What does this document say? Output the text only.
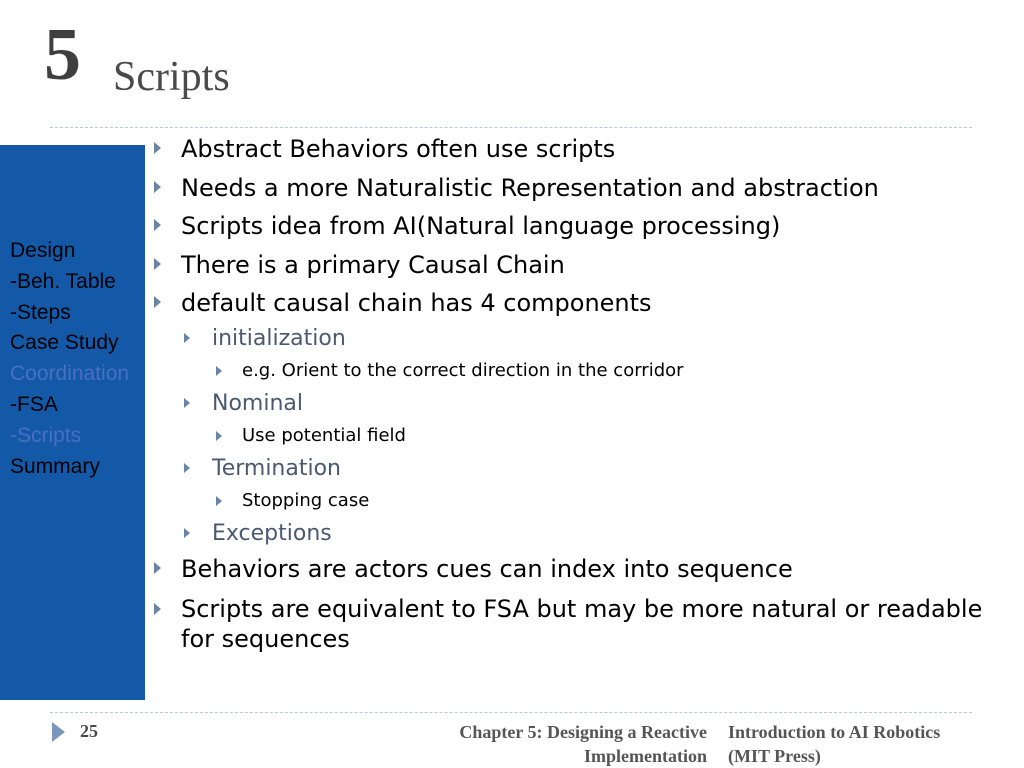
5 Scripts
Design
-Beh. Table
-Steps
Case Study
Coordination
-FSA
-Scripts
Summary
Abstract Behaviors often use scripts
Needs a more Naturalistic Representation and abstraction
Scripts idea from AI(Natural language processing)
There is a primary Causal Chain
default causal chain has 4 components
initialization
e.g. Orient to the correct direction in the corridor
Nominal
Use potential field
Termination
Stopping case
Exceptions
Behaviors are actors cues can index into sequence
Scripts are equivalent to FSA but may be more natural or readable for sequences
25	Chapter 5: Designing a Reactive
Implementation
Introduction to AI Robotics
(MIT Press)
